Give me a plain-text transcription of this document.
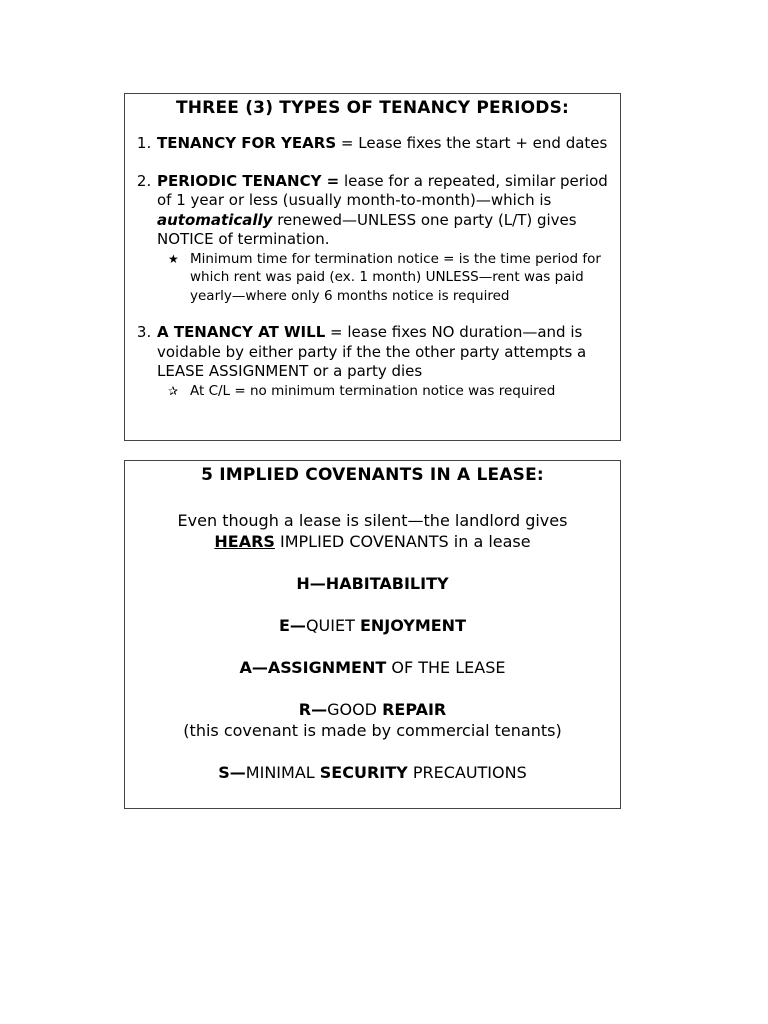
THREE (3) TYPES OF TENANCY PERIODS:
1. TENANCY FOR YEARS = Lease fixes the start + end dates
2. PERIODIC TENANCY = lease for a repeated, similar period of 1 year or less (usually month-to-month)—which is automatically renewed—UNLESS one party (L/T) gives NOTICE of termination.
★ Minimum time for termination notice = is the time period for which rent was paid (ex. 1 month) UNLESS—rent was paid yearly—where only 6 months notice is required
3. A TENANCY AT WILL = lease fixes NO duration—and is voidable by either party if the the other party attempts a LEASE ASSIGNMENT or a party dies
✰ At C/L = no minimum termination notice was required
5 IMPLIED COVENANTS IN A LEASE:
Even though a lease is silent—the landlord gives
HEARS IMPLIED COVENANTS in a lease
H—HABITABILITY
E—QUIET ENJOYMENT
A—ASSIGNMENT OF THE LEASE
R—GOOD REPAIR
(this covenant is made by commercial tenants)
S—MINIMAL SECURITY PRECAUTIONS
